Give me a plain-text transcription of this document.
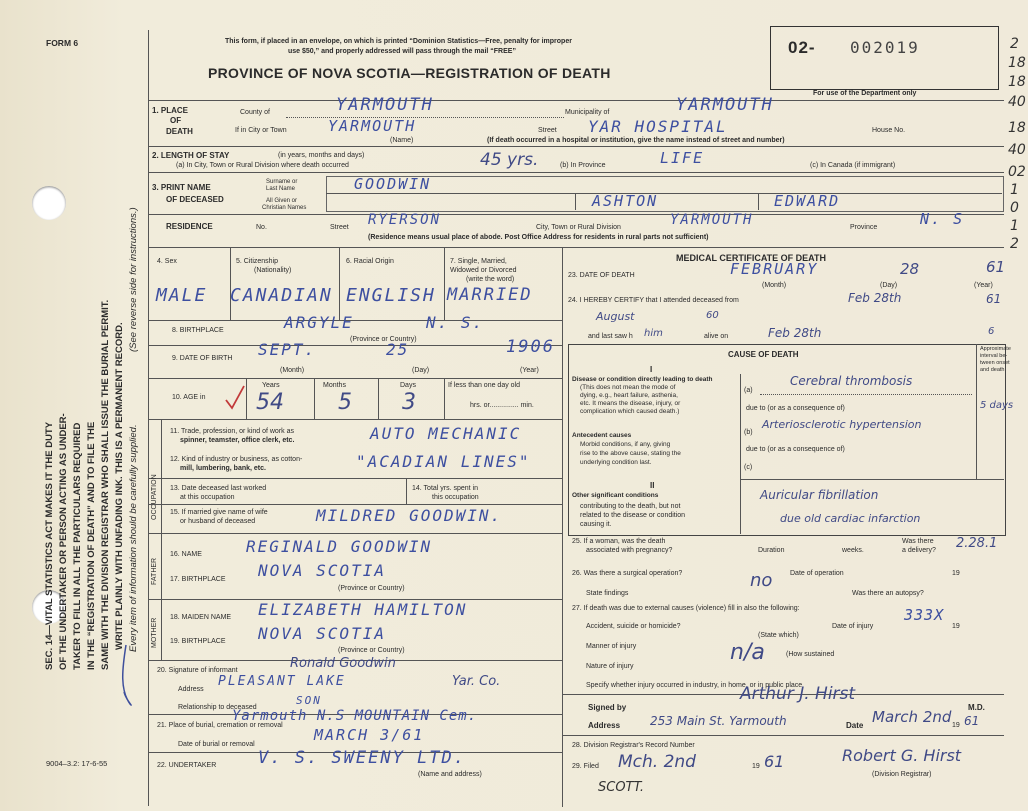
SEC. 14—VITAL STATISTICS ACT MAKES IT THE DUTY OF THE UNDERTAKER OR PERSON ACTING AS UNDER- TAKER TO FILL IN ALL THE PARTICULARS REQUIRED IN THE “REGISTRATION OF DEATH” AND TO FILE THE SAME WITH THE DIVISION REGISTRAR WHO SHALL ISSUE THE BURIAL PERMIT. WRITE PLAINLY WITH UNFADING INK. THIS IS A PERMANENT RECORD. Every item of information should be carefully supplied.
(See reverse side for instructions.)
FORM 6	This form, if placed in an envelope, on which is printed “Dominion Statistics—Free, penalty for improper
use $50,” and properly addressed will pass through the mail “FREE”
PROVINCE OF NOVA SCOTIA—REGISTRATION OF DEATH
02- 002019
For use of the Department only
OCCUPATION
FATHER
MOTHER
1. PLACE
OF
DEATH
County of	YARMOUTH	Municipality of	YARMOUTH
If in City or Town	YARMOUTH	Street YAR HOSPITAL	House No.
(Name)	(If death occurred in a hospital or institution, give the name instead of street and number)
2. LENGTH OF STAY	(in years, months and days)
(a) In City, Town or Rural Division where death occurred	45 yrs.	(b) In Province	LIFE	(c) In Canada (if immigrant)
3. PRINT NAME
OF DECEASED
Surname or
Last Name
All Given or
Christian Names
GOODWIN
ASHTON	EDWARD
RESIDENCE	No.	Street RYERSON	City, Town or Rural Division	YARMOUTH	Province	N. S
(Residence means usual place of abode. Post Office Address for residents in rural parts not sufficient)
4. Sex	5. Citizenship
(Nationality)
6. Racial Origin	7. Single, Married,
Widowed or Divorced
(write the word)
MALE CANADIAN ENGLISH MARRIED
8. BIRTHPLACE	ARGYLE	N. S.
(Province or Country)
9. DATE OF BIRTH SEPT.	25	1906
(Month)	(Day)	(Year)
10. AGE in
Years	Months	Days	If less than one day old
hrs. or............... min.
54 5 3
11. Trade, profession, or kind of work as
spinner, teamster, office clerk, etc.	AUTO MECHANIC
12. Kind of industry or business, as cotton-
mill, lumbering, bank, etc.	"ACADIAN LINES"
13. Date deceased last worked
at this occupation
14. Total yrs. spent in
this occupation
15. If married give name of wife
or husband of deceased	MILDRED GOODWIN.
16. NAME	REGINALD GOODWIN
17. BIRTHPLACE NOVA SCOTIA
(Province or Country)
18. MAIDEN NAME ELIZABETH HAMILTON
19. BIRTHPLACE NOVA SCOTIA
(Province or Country)
20. Signature of informant	Ronald Goodwin
Address
PLEASANT LAKE	Yar. Co.
Relationship to deceased
SON
21. Place of burial, cremation or removal
Yarmouth N.S MOUNTAIN Cem.
Date of burial or removal
MARCH 3/61
22. UNDERTAKER V. S. SWEENY LTD.
(Name and address)
9004–3.2: 17-6-55
MEDICAL CERTIFICATE OF DEATH
23. DATE OF DEATH	FEBRUARY	28	61
(Month)	(Day)	(Year)
24. I HEREBY CERTIFY that I attended deceased from	Feb 28th	61
August	60
and last saw h him	alive on	Feb 28th	6
CAUSE OF DEATH
Approximate
interval be-
tween onset
and death
I
Disease or condition directly leading to death
(This does not mean the mode of
dying, e.g., heart failure, asthenia,
etc. It means the disease, injury, or
complication which caused death.)
(a)
Cerebral thrombosis
due to (or as a consequence of)	5 days
Antecedent causes
Morbid conditions, if any, giving
rise to the above cause, stating the
underlying condition last.
(b)
Arteriosclerotic hypertension
due to (or as a consequence of)
(c)
II
Other significant conditions
contributing to the death, but not
related to the disease or condition
causing it.
Auricular fibrillation
due old cardiac infarction
25. If a woman, was the death
associated with pregnancy?	Duration	weeks.
Was there
a delivery? 2.28.1
26. Was there a surgical operation?	no	Date of operation	19
State findings	Was there an autopsy?
27. If death was due to external causes (violence) fill in also the following:
Accident, suicide or homicide?	Date of injury
333X
19
(State which)
Manner of injury	n/a
Nature of injury
(How sustained
Specify whether injury occurred in industry, in home, or in public place
Signed by
Arthur J. Hirst
M.D.
Address 253 Main St. Yarmouth	Date March 2nd 19 61
28. Division Registrar's Record Number
29. Filed Mch. 2nd	19 61	Robert G. Hirst
(Division Registrar)
SCOTT.
2
18
18
40
18
40
02
1
0
1
2
